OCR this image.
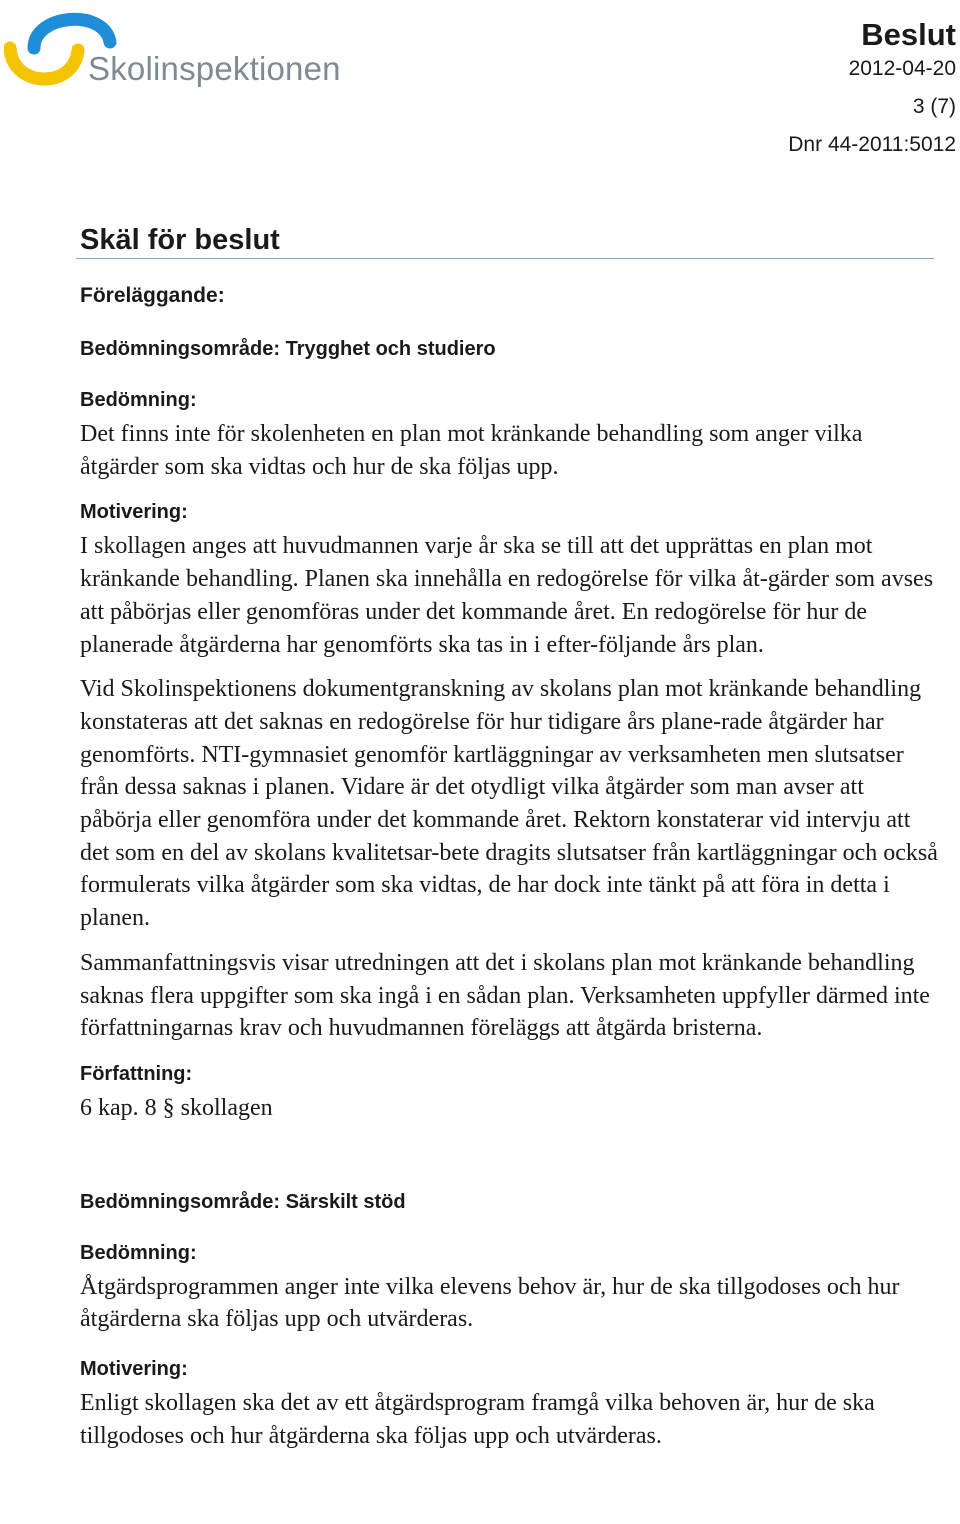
Skolinspektionen
Beslut
2012-04-20
3 (7)
Dnr 44-2011:5012
Skäl för beslut
Föreläggande:
Bedömningsområde: Trygghet och studiero
Bedömning:

Det finns inte för skolenheten en plan mot kränkande behandling som anger vilka åtgärder som ska vidtas och hur de ska följas upp.

Motivering:

I skollagen anges att huvudmannen varje år ska se till att det upprättas en plan mot kränkande behandling. Planen ska innehålla en redogörelse för vilka åt-gärder som avses att påbörjas eller genomföras under det kommande året. En redogörelse för hur de planerade åtgärderna har genomförts ska tas in i efter-följande års plan.

Vid Skolinspektionens dokumentgranskning av skolans plan mot kränkande behandling konstateras att det saknas en redogörelse för hur tidigare års plane-rade åtgärder har genomförts. NTI-gymnasiet genomför kartläggningar av verksamheten men slutsatser från dessa saknas i planen. Vidare är det otydligt vilka åtgärder som man avser att påbörja eller genomföra under det kommande året. Rektorn konstaterar vid intervju att det som en del av skolans kvalitetsar-bete dragits slutsatser från kartläggningar och också formulerats vilka åtgärder som ska vidtas, de har dock inte tänkt på att föra in detta i planen.

Sammanfattningsvis visar utredningen att det i skolans plan mot kränkande behandling saknas flera uppgifter som ska ingå i en sådan plan. Verksamheten uppfyller därmed inte författningarnas krav och huvudmannen föreläggs att åtgärda bristerna.

Författning:

6 kap. 8 § skollagen

Bedömningsområde: Särskilt stöd
Bedömning:

Åtgärdsprogrammen anger inte vilka elevens behov är, hur de ska tillgodoses och hur åtgärderna ska följas upp och utvärderas.

Motivering:

Enligt skollagen ska det av ett åtgärdsprogram framgå vilka behoven är, hur de ska tillgodoses och hur åtgärderna ska följas upp och utvärderas.
